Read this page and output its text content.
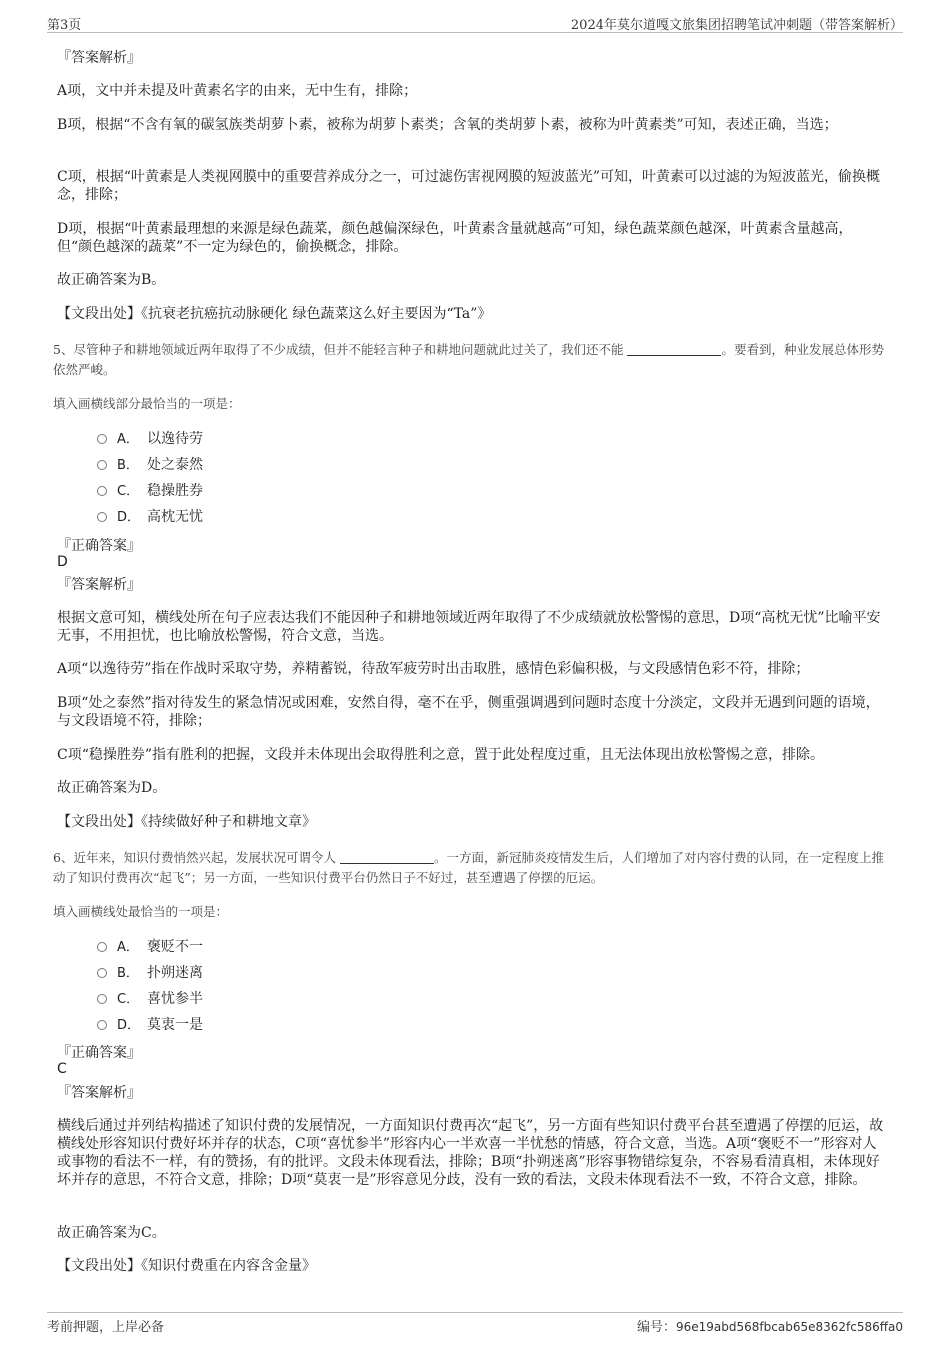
第3页	2024年莫尔道嘎文旅集团招聘笔试冲刺题（带答案解析）
『答案解析』
A项，文中并未提及叶黄素名字的由来，无中生有，排除；
B项，根据“不含有氧的碳氢族类胡萝卜素，被称为胡萝卜素类；含氧的类胡萝卜素，被称为叶黄素类”可知，表述正确，当选；
C项，根据“叶黄素是人类视网膜中的重要营养成分之一，可过滤伤害视网膜的短波蓝光”可知，叶黄素可以过滤的为短波蓝光，偷换概念，排除；
D项，根据“叶黄素最理想的来源是绿色蔬菜，颜色越偏深绿色，叶黄素含量就越高”可知，绿色蔬菜颜色越深，叶黄素含量越高，但“颜色越深的蔬菜”不一定为绿色的，偷换概念，排除。
故正确答案为B。
【文段出处】《抗衰老抗癌抗动脉硬化 绿色蔬菜这么好主要因为“Ta”》
5、尽管种子和耕地领域近两年取得了不少成绩，但并不能轻言种子和耕地问题就此过关了，我们还不能	。要看到，种业发展总体形势依然严峻。
填入画横线部分最恰当的一项是：
A． 以逸待劳
B． 处之泰然
C． 稳操胜券
D． 高枕无忧
『正确答案』
D
『答案解析』
根据文意可知，横线处所在句子应表达我们不能因种子和耕地领域近两年取得了不少成绩就放松警惕的意思，D项“高枕无忧”比喻平安无事，不用担忧，也比喻放松警惕，符合文意，当选。
A项“以逸待劳”指在作战时采取守势，养精蓄锐，待敌军疲劳时出击取胜，感情色彩偏积极，与文段感情色彩不符，排除；
B项“处之泰然”指对待发生的紧急情况或困难，安然自得，毫不在乎，侧重强调遇到问题时态度十分淡定，文段并无遇到问题的语境，与文段语境不符，排除；
C项“稳操胜券”指有胜利的把握，文段并未体现出会取得胜利之意，置于此处程度过重，且无法体现出放松警惕之意，排除。
故正确答案为D。
【文段出处】《持续做好种子和耕地文章》
6、近年来，知识付费悄然兴起，发展状况可谓令人	。一方面，新冠肺炎疫情发生后，人们增加了对内容付费的认同，在一定程度上推动了知识付费再次“起飞”；另一方面，一些知识付费平台仍然日子不好过，甚至遭遇了停摆的厄运。
填入画横线处最恰当的一项是：
A． 褒贬不一
B． 扑朔迷离
C． 喜忧参半
D． 莫衷一是
『正确答案』
C
『答案解析』
横线后通过并列结构描述了知识付费的发展情况，一方面知识付费再次“起飞”，另一方面有些知识付费平台甚至遭遇了停摆的厄运，故横线处形容知识付费好坏并存的状态，C项“喜忧参半”形容内心一半欢喜一半忧愁的情感，符合文意，当选。A项“褒贬不一”形容对人或事物的看法不一样，有的赞扬，有的批评。文段未体现看法，排除；B项“扑朔迷离”形容事物错综复杂，不容易看清真相，未体现好坏并存的意思，不符合文意，排除；D项“莫衷一是”形容意见分歧，没有一致的看法，文段未体现看法不一致，不符合文意，排除。
故正确答案为C。
【文段出处】《知识付费重在内容含金量》
考前押题，上岸必备	编号：96e19abd568fbcab65e8362fc586ffa0
